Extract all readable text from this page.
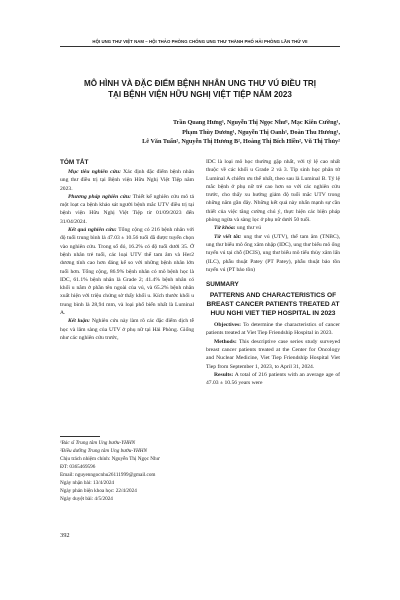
HỘI UNG THƯ VIỆT NAM – HỘI THẢO PHÒNG CHỐNG UNG THƯ THÀNH PHỐ HẢI PHÒNG LẦN THỨ VII
MÔ HÌNH VÀ ĐẶC ĐIỂM BỆNH NHÂN UNG THƯ VÚ ĐIỀU TRỊ
TẠI BỆNH VIỆN HỮU NGHỊ VIỆT TIỆP NĂM 2023
Trần Quang Hưng¹, Nguyễn Thị Ngọc Như¹, Mạc Kiên Cường¹,
Phạm Thùy Dương¹, Nguyễn Thị Oanh¹, Đoàn Thu Hương¹,
Lê Văn Tuấn², Nguyễn Thị Hương B², Hoàng Thị Bích Hiền², Vũ Thị Thủy²
TÓM TẮT

Mục tiêu nghiên cứu: Xác định đặc điểm bệnh nhân ung thư điều trị tại Bệnh viện Hữu Nghị Việt Tiệp năm 2023.

Phương pháp nghiên cứu: Thiết kế nghiên cứu mô tả một loạt ca bệnh khảo sát người bệnh mắc UTV điều trị tại bệnh viện Hữu Nghị Việt Tiệp từ 01/09/2023 đến 31/04/2024.

Kết quả nghiên cứu: Tổng cộng có 216 bệnh nhân với độ tuổi trung bình là 47.03 ± 10.56 tuổi đã được tuyển chọn vào nghiên cứu. Trong số đó, 16.2% có độ tuổi dưới 35. Ở bệnh nhân trẻ tuổi, các loại UTV thể tam âm và Her2 dương tính cao hơn đáng kể so với những bệnh nhân lớn tuổi hơn. Tổng cộng, 86.9% bệnh nhân có mô bệnh học là IDC, 61.1% bệnh nhân là Grade 2; 41.4% bệnh nhân có khối u nằm ở phần tên ngoài của vú, và 65.2% bệnh nhân xuất hiện với triệu chứng sờ thấy khối u. Kích thước khối u trung bình là 28,94 mm, và loại phổ biến nhất là Luminal A.

Kết luận: Nghiên cứu này làm rõ các đặc điểm dịch tễ học và lâm sàng của UTV ở phụ nữ tại Hải Phòng. Giống như các nghiên cứu trước,

¹Bác sĩ Trung tâm Ung bướu-YHHN
²Điều dưỡng Trung tâm Ung bướu-YHHN
Chịu trách nhiệm chính: Nguyễn Thị Ngọc Như
ĐT: 0365469596
Email: nguyenngocnhu26111999@gmail.com
Ngày nhận bài: 13/4/2024
Ngày phản biện khoa học: 22/4/2024
Ngày duyệt bài: 4/5/2024

IDC là loại mô học thường gặp nhất, với tỷ lệ cao nhất thuộc về các khối u Grade 2 và 3. Típ sinh học phân tử Luminal A chiếm ưu thế nhất, theo sau là Luminal B. Tỷ lệ mắc bệnh ở phụ nữ trẻ cao hơn so với các nghiên cứu trước, cho thấy xu hướng giảm độ tuổi mắc UTV trong những năm gần đây. Những kết quả này nhấn mạnh sự cần thiết của việc tăng cường chú ý, thực hiện các biện pháp phòng ngừa và sàng lọc ở phụ nữ dưới 50 tuổi.

Từ khóa: ung thư vú

Từ viết tắt: ung thư vú (UTV), thể tam âm (TNBC), ung thư biểu mô ống xâm nhập (IDC), ung thư biểu mô ống tuyến vú tại chỗ (DCIS), ung thư biểu mô tiểu thùy xâm lấn (ILC), phẫu thuật Patey (PT Patey), phẫu thuật bảo tồn tuyến vú (PT bảo tồn)

SUMMARY
PATTERNS AND CHARACTERISTICS OF BREAST CANCER PATIENTS TREATED AT HUU NGHI VIET TIEP HOSPITAL IN 2023

Objectives: To determine the characteristics of cancer patients treated at Viet Tiep Friendship Hospital in 2023.

Methods: This descriptive case series study surveyed breast cancer patients treated at the Center for Oncology and Nuclear Medicine, Viet Tiep Friendship Hospital Viet Tiep from September 1, 2023, to April 31, 2024.

Results: A total of 216 patients with an average age of 47.03 ± 10.56 years were

392
